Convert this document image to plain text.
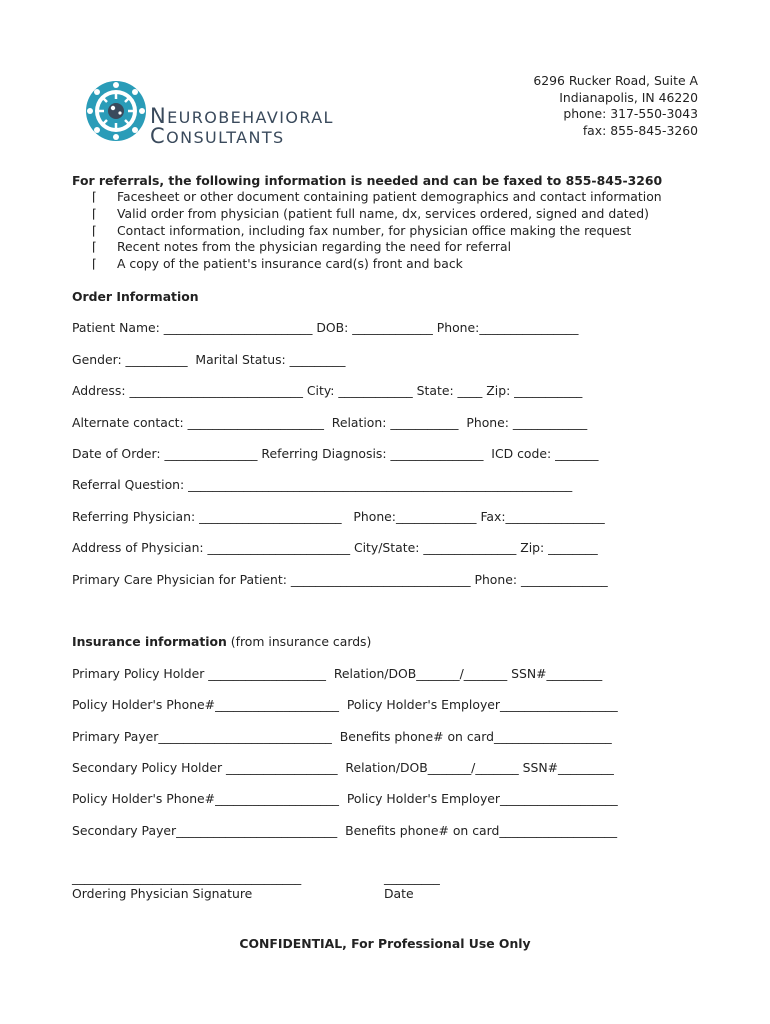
NEUROBEHAVIORAL
CONSULTANTS
6296 Rucker Road, Suite A
Indianapolis, IN 46220
phone: 317-550-3043
fax: 855-845-3260
For referrals, the following information is needed and can be faxed to 855-845-3260
⌈	Facesheet or other document containing patient demographics and contact information
⌈	Valid order from physician (patient full name, dx, services ordered, signed and dated)
⌈	Contact information, including fax number, for physician office making the request
⌈	Recent notes from the physician regarding the need for referral
⌈	A copy of the patient's insurance card(s) front and back
Order Information
Patient Name: ________________________ DOB: _____________ Phone:________________
Gender: __________  Marital Status: _________
Address: ____________________________ City: ____________ State: ____ Zip: ___________
Alternate contact: ______________________  Relation: ___________  Phone: ____________
Date of Order: _______________ Referring Diagnosis: _______________  ICD code: _______
Referral Question: ______________________________________________________________
Referring Physician: _______________________   Phone:_____________ Fax:________________
Address of Physician: _______________________ City/State: _______________ Zip: ________
Primary Care Physician for Patient: _____________________________ Phone: ______________
Insurance information (from insurance cards)
Primary Policy Holder ___________________  Relation/DOB_______/_______ SSN#_________
Policy Holder's Phone#____________________  Policy Holder's Employer___________________
Primary Payer____________________________  Benefits phone# on card___________________
Secondary Policy Holder __________________  Relation/DOB_______/_______ SSN#_________
Policy Holder's Phone#____________________  Policy Holder's Employer___________________
Secondary Payer__________________________  Benefits phone# on card___________________
_____________________________________	_________
Ordering Physician Signature	Date
CONFIDENTIAL, For Professional Use Only
